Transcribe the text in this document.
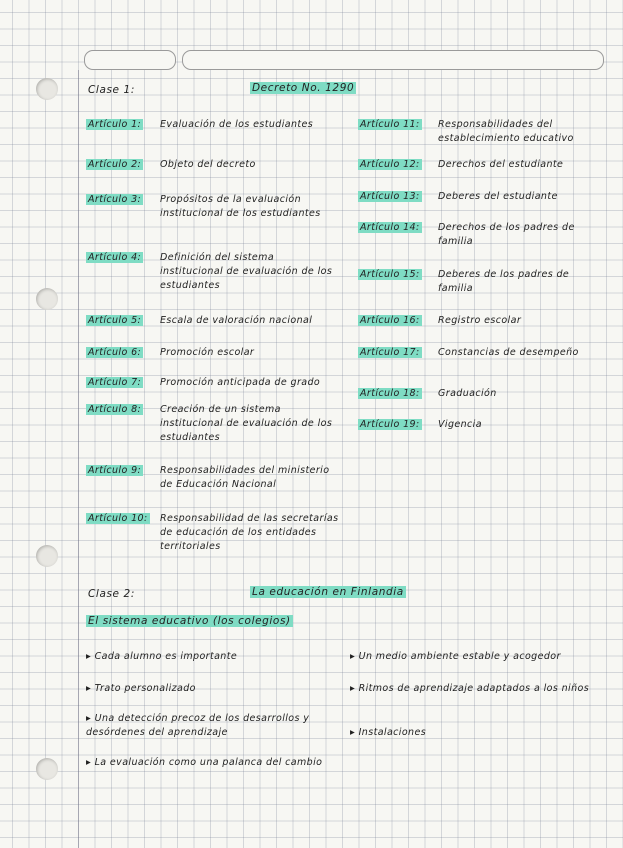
Clase 1:	Decreto No. 1290
Artículo 1: Evaluación de los estudiantes
Artículo 2: Objeto del decreto
Artículo 3: Propósitos de la evaluación institucional de los estudiantes
Artículo 4: Definición del sistema institucional de evaluación de los estudiantes
Artículo 5: Escala de valoración nacional
Artículo 6: Promoción escolar
Artículo 7: Promoción anticipada de grado
Artículo 8: Creación de un sistema institucional de evaluación de los estudiantes
Artículo 9: Responsabilidades del ministerio de Educación Nacional
Artículo 10: Responsabilidad de las secretarías de educación de los entidades territoriales
Artículo 11: Responsabilidades del establecimiento educativo
Artículo 12: Derechos del estudiante
Artículo 13: Deberes del estudiante
Artículo 14: Derechos de los padres de familia
Artículo 15: Deberes de los padres de familia
Artículo 16: Registro escolar
Artículo 17: Constancias de desempeño
Artículo 18: Graduación
Artículo 19: Vigencia
Clase 2:	La educación en Finlandia
El sistema educativo (los colegios)
▸ Cada alumno es importante
▸ Trato personalizado
▸ Una detección precoz de los desarrollos y desórdenes del aprendizaje
▸ La evaluación como una palanca del cambio
▸ Un medio ambiente estable y acogedor
▸ Ritmos de aprendizaje adaptados a los niños
▸ Instalaciones
